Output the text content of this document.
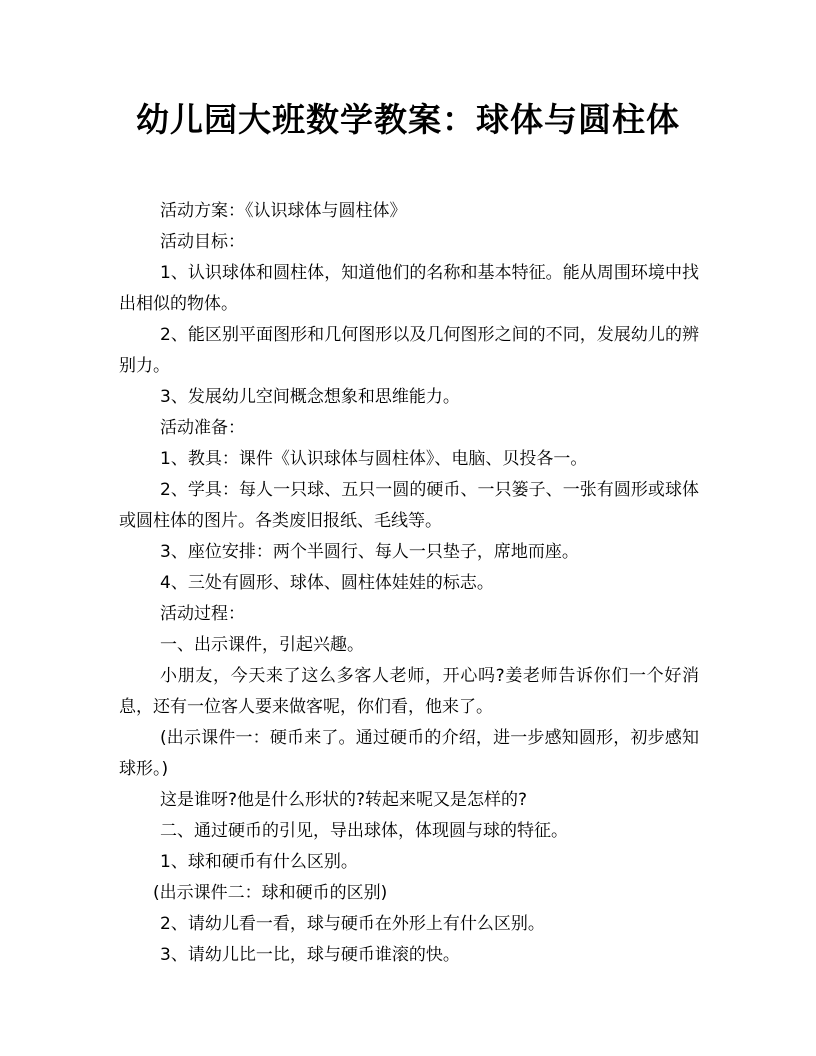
幼儿园大班数学教案：球体与圆柱体

活动方案：《认识球体与圆柱体》

活动目标：

1、认识球体和圆柱体，知道他们的名称和基本特征。能从周围环境中找出相似的物体。

2、能区别平面图形和几何图形以及几何图形之间的不同，发展幼儿的辨别力。

3、发展幼儿空间概念想象和思维能力。

活动准备：

1、教具：课件《认识球体与圆柱体》、电脑、贝投各一。

2、学具：每人一只球、五只一圆的硬币、一只篓子、一张有圆形或球体或圆柱体的图片。各类废旧报纸、毛线等。

3、座位安排：两个半圆行、每人一只垫子，席地而座。

4、三处有圆形、球体、圆柱体娃娃的标志。

活动过程：

一、出示课件，引起兴趣。

小朋友，今天来了这么多客人老师，开心吗?姜老师告诉你们一个好消息，还有一位客人要来做客呢，你们看，他来了。

(出示课件一：硬币来了。通过硬币的介绍，进一步感知圆形，初步感知球形。)

这是谁呀?他是什么形状的?转起来呢又是怎样的?

二、通过硬币的引见，导出球体，体现圆与球的特征。

1、球和硬币有什么区别。

(出示课件二：球和硬币的区别)

2、请幼儿看一看，球与硬币在外形上有什么区别。

3、请幼儿比一比，球与硬币谁滚的快。
